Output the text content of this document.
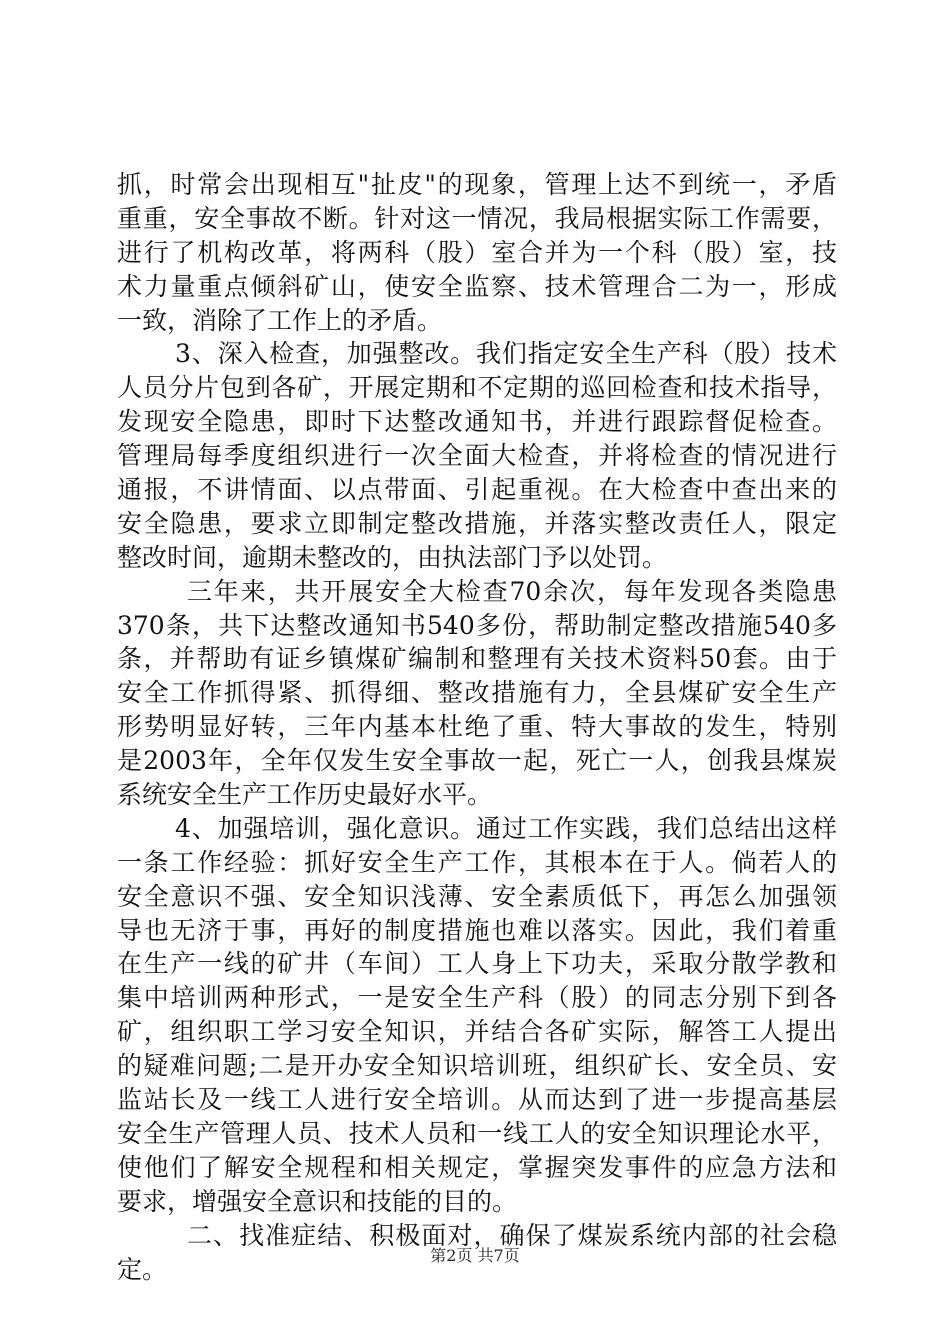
抓，时常会出现相互"扯皮"的现象，管理上达不到统一，矛盾
重重，安全事故不断。针对这一情况，我局根据实际工作需要，
进行了机构改革，将两科（股）室合并为一个科（股）室，技
术力量重点倾斜矿山，使安全监察、技术管理合二为一，形成
一致，消除了工作上的矛盾。
3、深入检查，加强整改。我们指定安全生产科（股）技术
人员分片包到各矿，开展定期和不定期的巡回检查和技术指导，
发现安全隐患，即时下达整改通知书，并进行跟踪督促检查。
管理局每季度组织进行一次全面大检查，并将检查的情况进行
通报，不讲情面、以点带面、引起重视。在大检查中查出来的
安全隐患，要求立即制定整改措施，并落实整改责任人，限定
整改时间，逾期未整改的，由执法部门予以处罚。
三年来，共开展安全大检查70余次，每年发现各类隐患
370条，共下达整改通知书540多份，帮助制定整改措施540多
条，并帮助有证乡镇煤矿编制和整理有关技术资料50套。由于
安全工作抓得紧、抓得细、整改措施有力，全县煤矿安全生产
形势明显好转，三年内基本杜绝了重、特大事故的发生，特别
是2003年，全年仅发生安全事故一起，死亡一人，创我县煤炭
系统安全生产工作历史最好水平。
4、加强培训，强化意识。通过工作实践，我们总结出这样
一条工作经验：抓好安全生产工作，其根本在于人。倘若人的
安全意识不强、安全知识浅薄、安全素质低下，再怎么加强领
导也无济于事，再好的制度措施也难以落实。因此，我们着重
在生产一线的矿井（车间）工人身上下功夫，采取分散学教和
集中培训两种形式，一是安全生产科（股）的同志分别下到各
矿，组织职工学习安全知识，并结合各矿实际，解答工人提出
的疑难问题;二是开办安全知识培训班，组织矿长、安全员、安
监站长及一线工人进行安全培训。从而达到了进一步提高基层
安全生产管理人员、技术人员和一线工人的安全知识理论水平，
使他们了解安全规程和相关规定，掌握突发事件的应急方法和
要求，增强安全意识和技能的目的。
二、找准症结、积极面对，确保了煤炭系统内部的社会稳
定。	第2页 共7页
